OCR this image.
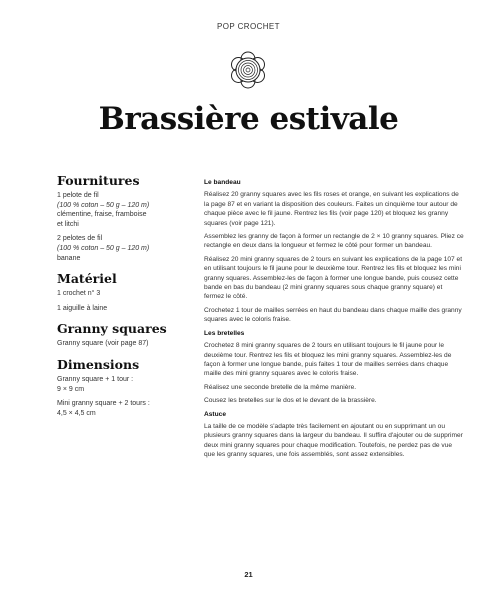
POP CROCHET
Brassière estivale
Fournitures

1 pelote de fil
(100 % coton – 50 g – 120 m)
clémentine, fraise, framboise
et litchi

2 pelotes de fil
(100 % coton – 50 g – 120 m)
banane

Matériel

1 crochet n° 3

1 aiguille à laine

Granny squares

Granny square (voir page 87)

Dimensions

Granny square + 1 tour :
9 × 9 cm

Mini granny square + 2 tours :
4,5 × 4,5 cm

Le bandeau

Réalisez 20 granny squares avec les fils roses et orange, en suivant les explications de la page 87 et en variant la disposition des couleurs. Faites un cinquième tour autour de chaque pièce avec le fil jaune. Rentrez les fils (voir page 120) et bloquez les granny squares (voir page 121).

Assemblez les granny de façon à former un rectangle de 2 × 10 granny squares. Pliez ce rectangle en deux dans la longueur et fermez le côté pour former un bandeau.

Réalisez 20 mini granny squares de 2 tours en suivant les explications de la page 107 et en utilisant toujours le fil jaune pour le deuxième tour. Rentrez les fils et bloquez les mini granny squares. Assemblez-les de façon à former une longue bande, puis cousez cette bande en bas du bandeau (2 mini granny squares sous chaque granny square) et fermez le côté.

Crochetez 1 tour de mailles serrées en haut du bandeau dans chaque maille des granny squares avec le coloris fraise.

Les bretelles

Crochetez 8 mini granny squares de 2 tours en utilisant toujours le fil jaune pour le deuxième tour. Rentrez les fils et bloquez les mini granny squares. Assemblez-les de façon à former une longue bande, puis faites 1 tour de mailles serrées dans chaque maille des mini granny squares avec le coloris fraise.

Réalisez une seconde bretelle de la même manière.

Cousez les bretelles sur le dos et le devant de la brassière.

Astuce

La taille de ce modèle s'adapte très facilement en ajoutant ou en supprimant un ou plusieurs granny squares dans la largeur du bandeau. Il suffira d'ajouter ou de supprimer deux mini granny squares pour chaque modification. Toutefois, ne perdez pas de vue que les granny squares, une fois assemblés, sont assez extensibles.

21
